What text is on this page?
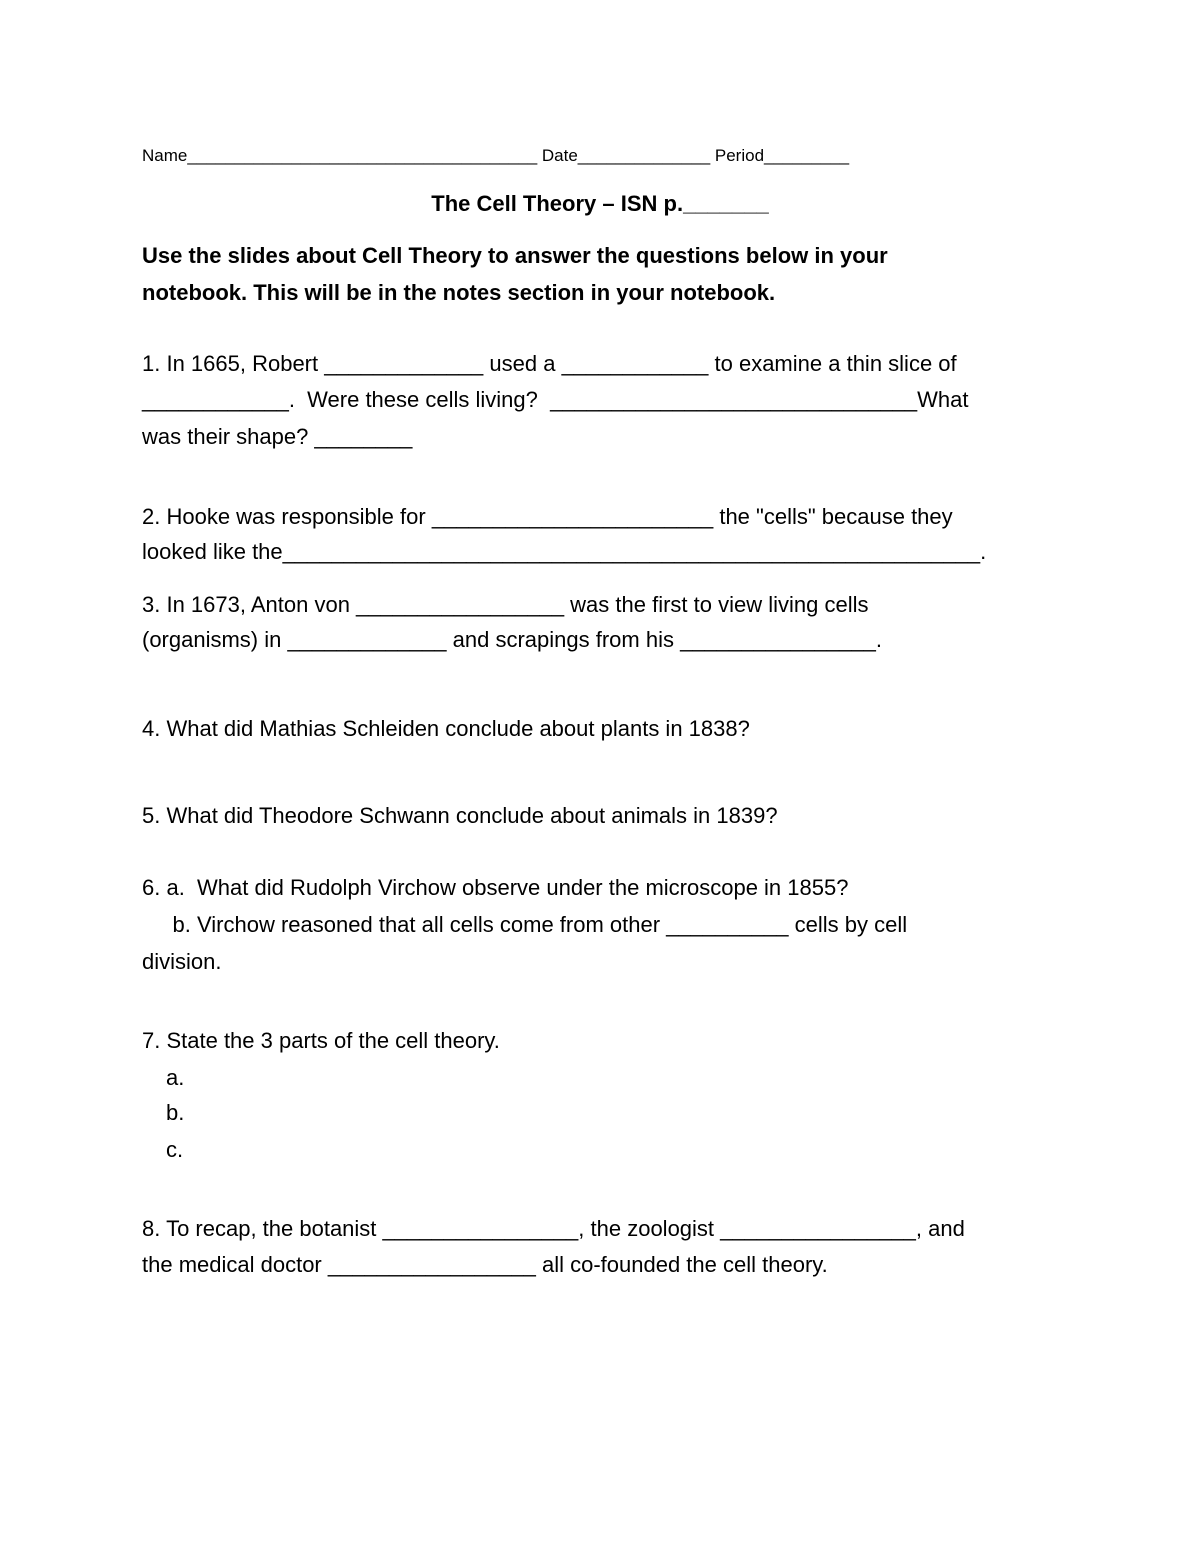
Name_____________________________________ Date______________ Period_________
The Cell Theory – ISN p._______
Use the slides about Cell Theory to answer the questions below in your
notebook. This will be in the notes section in your notebook.
1. In 1665, Robert _____________ used a ____________ to examine a thin slice of
____________.  Were these cells living?  ______________________________What
was their shape? ________
2. Hooke was responsible for _______________________ the "cells" because they
looked like the_________________________________________________________.
3. In 1673, Anton von _________________ was the first to view living cells
(organisms) in _____________ and scrapings from his ________________.
4. What did Mathias Schleiden conclude about plants in 1838?
5. What did Theodore Schwann conclude about animals in 1839?
6. a.  What did Rudolph Virchow observe under the microscope in 1855?
b. Virchow reasoned that all cells come from other __________ cells by cell
division.
7. State the 3 parts of the cell theory.
a.
b.
c.
8. To recap, the botanist ________________, the zoologist ________________, and
the medical doctor _________________ all co-founded the cell theory.
